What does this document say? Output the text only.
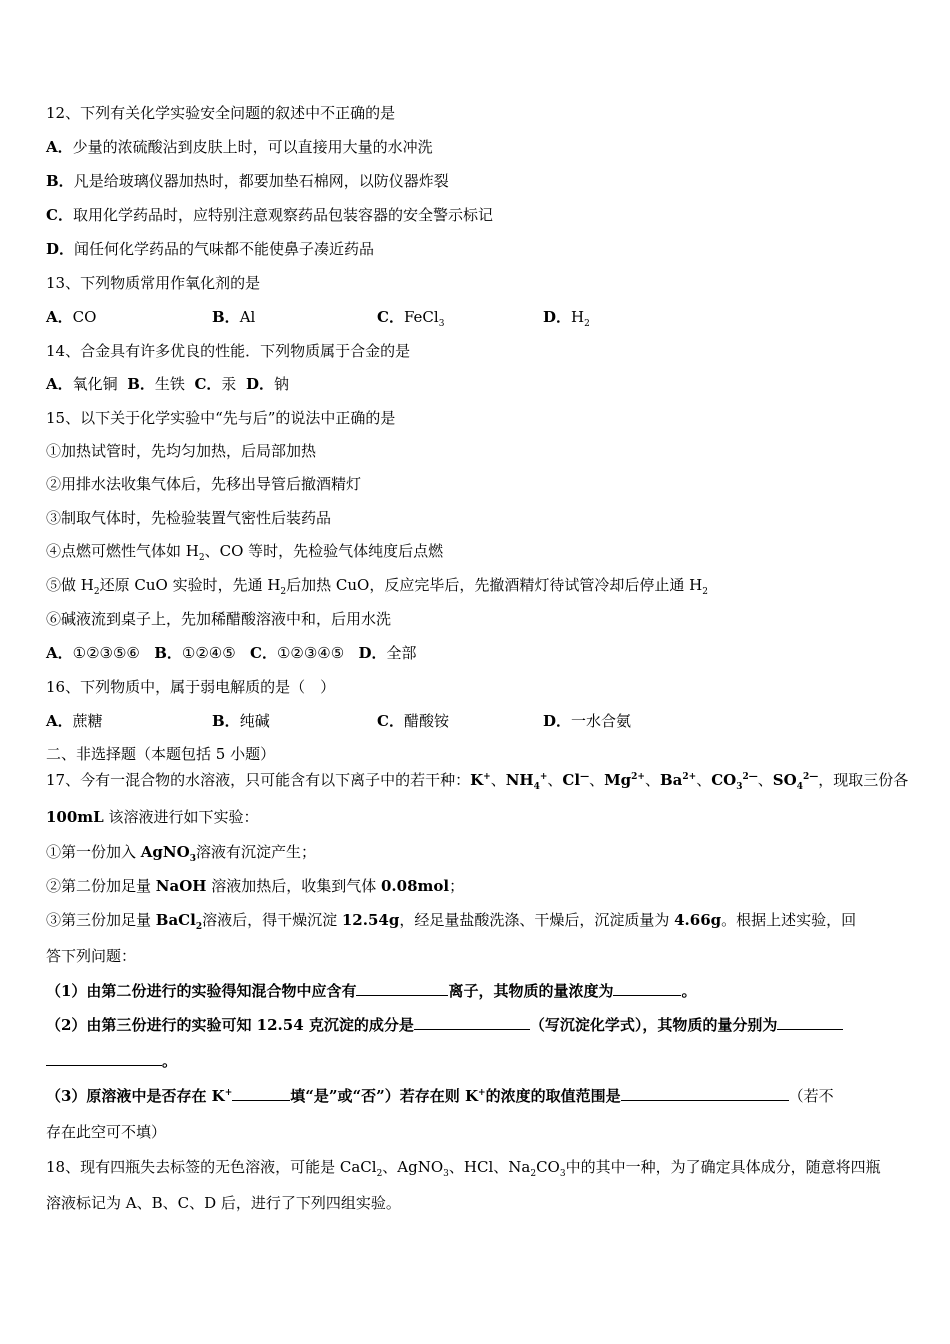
12、下列有关化学实验安全问题的叙述中不正确的是
A．少量的浓硫酸沾到皮肤上时，可以直接用大量的水冲洗
B．凡是给玻璃仪器加热时，都要加垫石棉网，以防仪器炸裂
C．取用化学药品时，应特别注意观察药品包装容器的安全警示标记
D．闻任何化学药品的气味都不能使鼻子凑近药品
13、下列物质常用作氧化剂的是
A．CO	B．Al	C．FeCl$_3$	D．$H_2$
14、合金具有许多优良的性能．下列物质属于合金的是
A．氧化铜 B．生铁 C．汞 D．钠
15、以下关于化学实验中“先与后”的说法中正确的是
①加热试管时，先均匀加热，后局部加热
②用排水法收集气体后，先移出导管后撤酒精灯
③制取气体时，先检验装置气密性后装药品
④点燃可燃性气体如 $H_2$、CO 等时，先检验气体纯度后点燃
⑤做 $H_2$还原 CuO 实验时，先通 $H_2$后加热 CuO，反应完毕后，先撤酒精灯待试管冷却后停止通 $H_2$
⑥碱液流到桌子上，先加稀醋酸溶液中和，后用水洗
A．①②③⑤⑥ B．①②④⑤ C．①②③④⑤ D．全部
16、下列物质中，属于弱电解质的是（　）
A．蔗糖	B．纯碱	C．醋酸铵	D．一水合氨
二、非选择题（本题包括 5 小题）
17、今有一混合物的水溶液，只可能含有以下离子中的若干种：K+、$NH_4^+$、Cl—、$Mg^{2+}$、$Ba^{2+}$、$CO_3^{2—}$、$SO_4^{2—}$，现取三份各
100mL 该溶液进行如下实验：
①第一份加入 AgNO$_3$溶液有沉淀产生；
②第二份加足量 NaOH 溶液加热后，收集到气体 0.08mol；
③第三份加足量 BaCl$_2$溶液后，得干燥沉淀 12.54g，经足量盐酸洗涤、干燥后，沉淀质量为 4.66g。根据上述实验，回
答下列问题：
（1）由第二份进行的实验得知混合物中应含有	离子，其物质的量浓度为	。
（2）由第三份进行的实验可知 12.54 克沉淀的成分是	（写沉淀化学式），其物质的量分别为
。
（3）原溶液中是否存在 K+	填“是”或“否”）若存在则 K+的浓度的取值范围是	（若不
存在此空可不填）
18、现有四瓶失去标签的无色溶液，可能是 CaCl$_2$、AgNO$_3$、HCl、$Na_2CO_3$中的其中一种，为了确定具体成分，随意将四瓶
溶液标记为 A、B、C、D 后，进行了下列四组实验。
